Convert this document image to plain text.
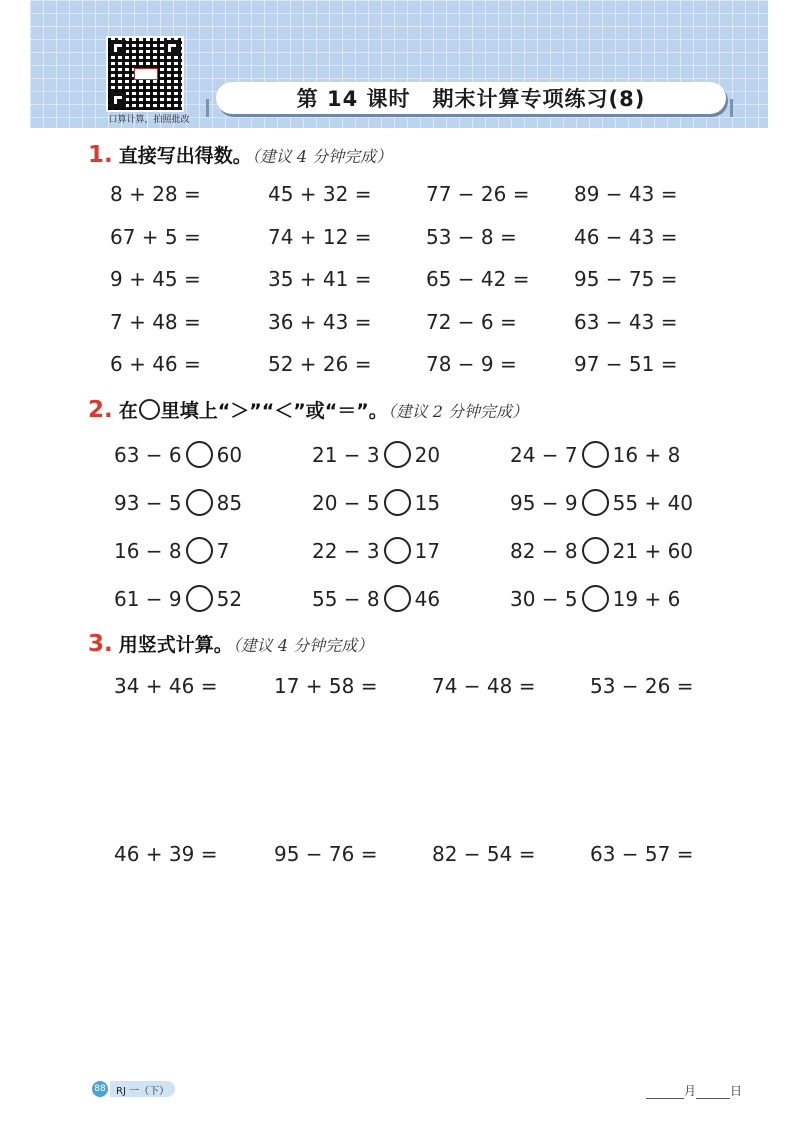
口算计算，拍照批改
第 14 课时 期末计算专项练习(8)
1. 直接写出得数。（建议 4 分钟完成）
8 + 28 =	45 + 32 =	77 − 26 = 89 − 43 =
67 + 5 =	74 + 12 =	53 − 8 =	46 − 43 =
9 + 45 =	35 + 41 =	65 − 42 = 95 − 75 =
7 + 48 =	36 + 43 =	72 − 6 =	63 − 43 =
6 + 46 =	52 + 26 =	78 − 9 =	97 − 51 =
2. 在 里填上“＞”“＜”或“＝”。（建议 2 分钟完成）
63 − 6 60	21 − 3 20	24 − 7 16 + 8
93 − 5 85	20 − 5 15	95 − 9 55 + 40
16 − 8 7	22 − 3 17	82 − 8 21 + 60
61 − 9 52	55 − 8 46	30 − 5 19 + 6
3. 用竖式计算。（建议 4 分钟完成）
34 + 46 =	17 + 58 =	74 − 48 =	53 − 26 =
46 + 39 =	95 − 76 =	82 − 54 =	63 − 57 =
88	RJ 一（下）	月	日
